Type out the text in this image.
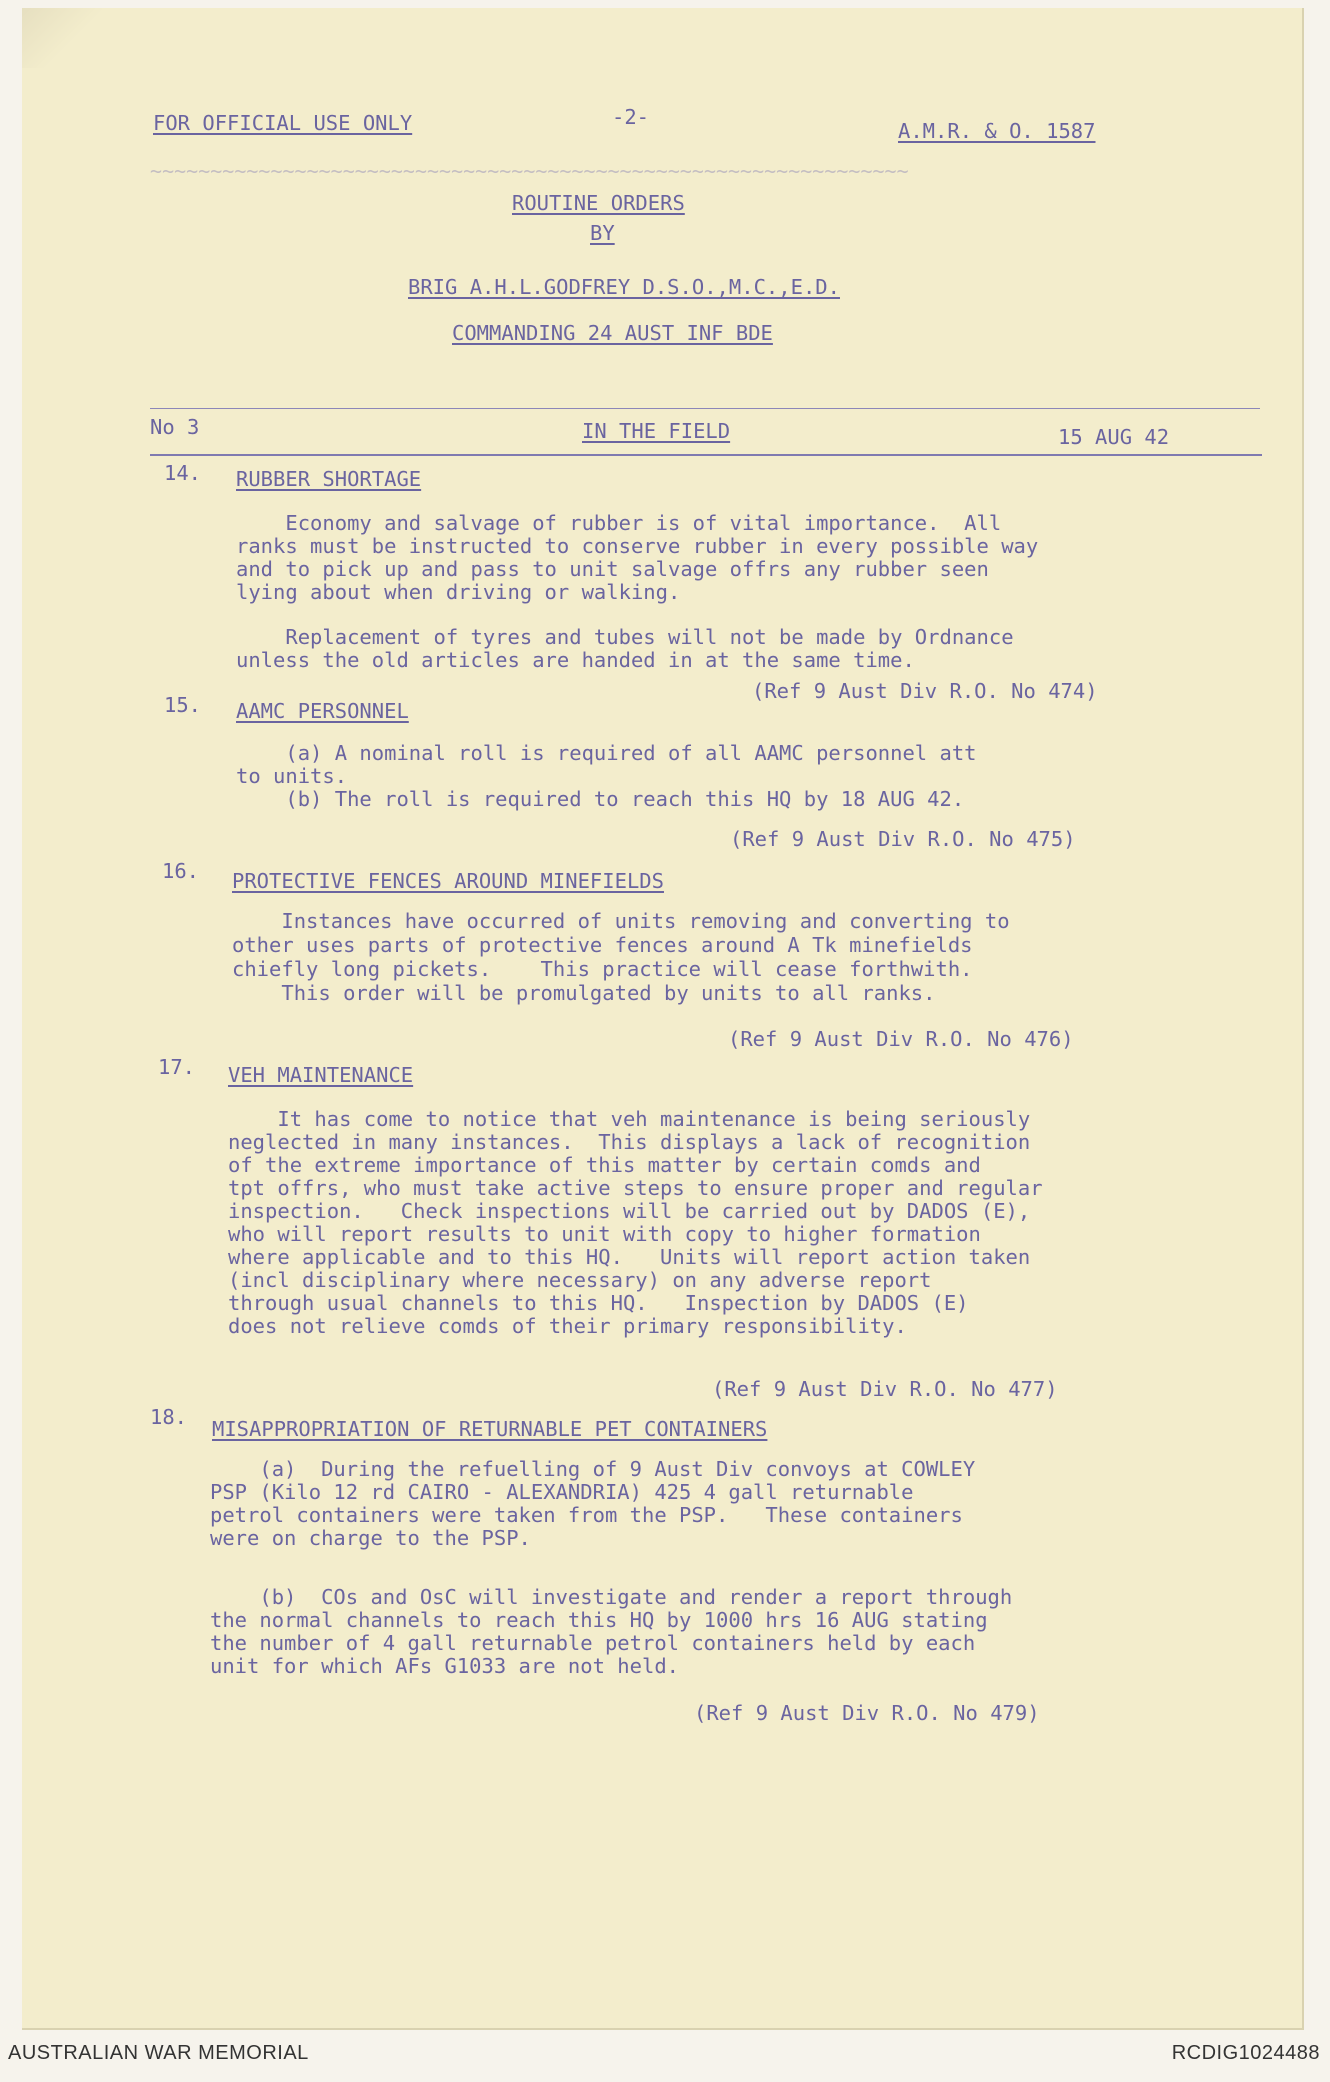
~~~~~~~~~~~~~~~~~~~~~~~~~~~~~~~~~~~~~~~~~~~~~~~~~~~~~~~~~~~~~~~
FOR OFFICIAL USE ONLY	-2-
A.M.R. & O. 1587
ROUTINE ORDERS
BY
BRIG A.H.L.GODFREY D.S.O.,M.C.,E.D.
COMMANDING 24 AUST INF BDE
No 3	IN THE FIELD	15 AUG 42
14. RUBBER SHORTAGE
Economy and salvage of rubber is of vital importance.  All
ranks must be instructed to conserve rubber in every possible way
and to pick up and pass to unit salvage offrs any rubber seen
lying about when driving or walking.
Replacement of tyres and tubes will not be made by Ordnance
unless the old articles are handed in at the same time.
(Ref 9 Aust Div R.O. No 474)
15. AAMC PERSONNEL
(a) A nominal roll is required of all AAMC personnel att
to units.
(b) The roll is required to reach this HQ by 18 AUG 42.
(Ref 9 Aust Div R.O. No 475)
16. PROTECTIVE FENCES AROUND MINEFIELDS
Instances have occurred of units removing and converting to
other uses parts of protective fences around A Tk minefields
chiefly long pickets.    This practice will cease forthwith.
This order will be promulgated by units to all ranks.
(Ref 9 Aust Div R.O. No 476)
17. VEH MAINTENANCE
It has come to notice that veh maintenance is being seriously
neglected in many instances.  This displays a lack of recognition
of the extreme importance of this matter by certain comds and
tpt offrs, who must take active steps to ensure proper and regular
inspection.   Check inspections will be carried out by DADOS (E),
who will report results to unit with copy to higher formation
where applicable and to this HQ.   Units will report action taken
(incl disciplinary where necessary) on any adverse report
through usual channels to this HQ.   Inspection by DADOS (E)
does not relieve comds of their primary responsibility.
(Ref 9 Aust Div R.O. No 477)
18. MISAPPROPRIATION OF RETURNABLE PET CONTAINERS
(a)  During the refuelling of 9 Aust Div convoys at COWLEY
PSP (Kilo 12 rd CAIRO - ALEXANDRIA) 425 4 gall returnable
petrol containers were taken from the PSP.   These containers
were on charge to the PSP.
(b)  COs and OsC will investigate and render a report through
the normal channels to reach this HQ by 1000 hrs 16 AUG stating
the number of 4 gall returnable petrol containers held by each
unit for which AFs G1033 are not held.
(Ref 9 Aust Div R.O. No 479)
AUSTRALIAN WAR MEMORIAL	RCDIG1024488
